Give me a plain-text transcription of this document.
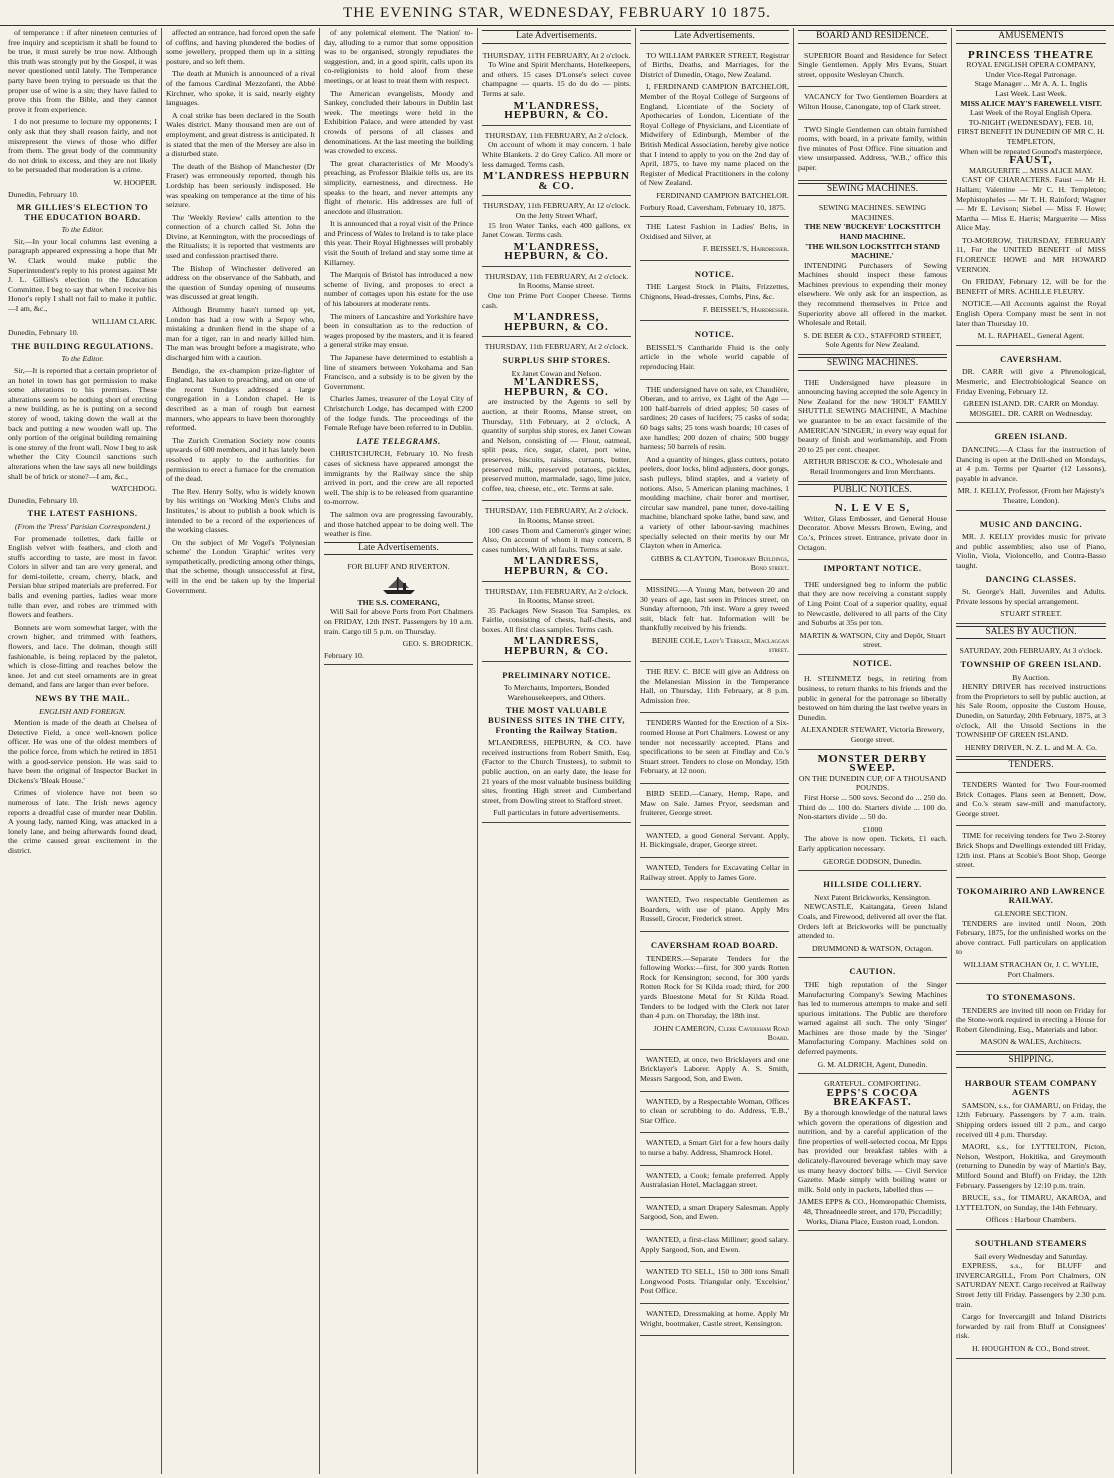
THE EVENING STAR, WEDNESDAY, FEBRUARY 10 1875.

of temperance : if after nineteen centuries of free inquiry and scepticism it shall be found to be true, it must surely be true now. Although this truth was strongly put by the Gospel, it was never questioned until lately. The Temperance party have been trying to persuade us that the proper use of wine is a sin; they have failed to prove this from the Bible, and they cannot prove it from experience.

I do not presume to lecture my opponents; I only ask that they shall reason fairly, and not misrepresent the views of those who differ from them. The great body of the community do not drink to excess, and they are not likely to be persuaded that moderation is a crime.

W. HOOPER.
Dunedin, February 10.
MR GILLIES'S ELECTION TO THE EDUCATION BOARD.
To the Editor.

Sir,—In your local columns last evening a paragraph appeared expressing a hope that Mr W. Clark would make public the Superintendent's reply to his protest against Mr J. L. Gillies's election to the Education Committee. I beg to say that when I receive his Honor's reply I shall not fail to make it public.—I am, &c.,

WILLIAM CLARK.
Dunedin, February 10.
THE BUILDING REGULATIONS.
To the Editor.

Sir,—It is reported that a certain proprietor of an hotel in town has got permission to make some alterations to his premises. These alterations seem to be nothing short of erecting a new building, as he is putting on a second storey of wood, taking down the wall at the back and putting a new wooden wall up. The only portion of the original building remaining is one storey of the front wall. Now I beg to ask whether the City Council sanctions such alterations when the law says all new buildings shall be of brick or stone?—I am, &c.,

WATCHDOG.
Dunedin, February 10.
THE LATEST FASHIONS.
(From the 'Press' Parisian Correspondent.)

For promenade toilettes, dark faille or English velvet with feathers, and cloth and stuffs according to taste, are most in favor. Colors in silver and tan are very general, and for demi-toilette, cream, cherry, black, and Persian blue striped materials are preferred. For balls and evening parties, ladies wear more tulle than ever, and robes are trimmed with flowers and feathers.

Bonnets are worn somewhat larger, with the crown higher, and trimmed with feathers, flowers, and lace. The dolman, though still fashionable, is being replaced by the paletot, which is close-fitting and reaches below the knee. Jet and cut steel ornaments are in great demand, and fans are larger than ever before.

NEWS BY THE MAIL.
ENGLISH AND FOREIGN.

Mention is made of the death at Chelsea of Detective Field, a once well-known police officer. He was one of the oldest members of the police force, from which he retired in 1851 with a good-service pension. He was said to have been the original of Inspector Bucket in Dickens's 'Bleak House.'

Crimes of violence have not been so numerous of late. The Irish news agency reports a dreadful case of murder near Dublin. A young lady, named King, was attacked in a lonely lane, and being afterwards found dead, the crime caused great excitement in the district.

affected an entrance, had forced open the safe of coffins, and having plundered the bodies of some jewellery, propped them up in a sitting posture, and so left them.

The death at Munich is announced of a rival of the famous Cardinal Mezzofanti, the Abbé Kirchner, who spoke, it is said, nearly eighty languages.

A coal strike has been declared in the South Wales district. Many thousand men are out of employment, and great distress is anticipated. It is stated that the men of the Mersey are also in a disturbed state.

The death of the Bishop of Manchester (Dr Fraser) was erroneously reported, though his Lordship has been seriously indisposed. He was speaking on temperance at the time of his seizure.

The 'Weekly Review' calls attention to the connection of a church called St. John the Divine, at Kennington, with the proceedings of the Ritualists; it is reported that vestments are used and confession practised there.

The Bishop of Winchester delivered an address on the observance of the Sabbath, and the question of Sunday opening of museums was discussed at great length.

Although Brummy hasn't turned up yet, London has had a row with a Sepoy who, mistaking a drunken fiend in the shape of a man for a tiger, ran in and nearly killed him. The man was brought before a magistrate, who discharged him with a caution.

Bendigo, the ex-champion prize-fighter of England, has taken to preaching, and on one of the recent Sundays addressed a large congregation in a London chapel. He is described as a man of rough but earnest manners, who appears to have been thoroughly reformed.

The Zurich Cremation Society now counts upwards of 600 members, and it has lately been resolved to apply to the authorities for permission to erect a furnace for the cremation of the dead.

The Rev. Henry Solly, who is widely known by his writings on 'Working Men's Clubs and Institutes,' is about to publish a book which is intended to be a record of the experiences of the working classes.

On the subject of Mr Vogel's 'Polynesian scheme' the London 'Graphic' writes very sympathetically, predicting among other things, that the scheme, though unsuccessful at first, will in the end be taken up by the Imperial Government.

of any polemical element. The 'Nation' to-day, alluding to a rumor that some opposition was to be organised, strongly repudiates the suggestion, and, in a good spirit, calls upon its co-religionists to hold aloof from these meetings, or at least to treat them with respect.

The American evangelists, Moody and Sankey, concluded their labours in Dublin last week. The meetings were held in the Exhibition Palace, and were attended by vast crowds of persons of all classes and denominations. At the last meeting the building was crowded to excess.

The great characteristics of Mr Moody's preaching, as Professor Blaikie tells us, are its simplicity, earnestness, and directness. He speaks to the heart, and never attempts any flight of rhetoric. His addresses are full of anecdote and illustration.

It is announced that a royal visit of the Prince and Princess of Wales to Ireland is to take place this year. Their Royal Highnesses will probably visit the South of Ireland and stay some time at Killarney.

The Marquis of Bristol has introduced a new scheme of living, and proposes to erect a number of cottages upon his estate for the use of his labourers at moderate rents.

The miners of Lancashire and Yorkshire have been in consultation as to the reduction of wages proposed by the masters, and it is feared a general strike may ensue.

The Japanese have determined to establish a line of steamers between Yokohama and San Francisco, and a subsidy is to be given by the Government.

Charles James, treasurer of the Loyal City of Christchurch Lodge, has decamped with £200 of the lodge funds. The proceedings of the Female Refuge have been referred to in Dublin.

LATE TELEGRAMS.

CHRISTCHURCH, February 10. No fresh cases of sickness have appeared amongst the immigrants by the Railway since the ship arrived in port, and the crew are all reported well. The ship is to be released from quarantine to-morrow.

The salmon ova are progressing favourably, and those hatched appear to be doing well. The weather is fine.

Late Advertisements.
FOR BLUFF AND RIVERTON.
THE S.S. COMERANG,

Will Sail for above Ports from Port Chalmers on FRIDAY, 12th INST. Passengers by 10 a.m. train. Cargo till 5 p.m. on Thursday.

GEO. S. BRODRICK.
February 10.
Late Advertisements.
THURSDAY, 11TH FEBRUARY, At 2 o'clock.

To Wine and Spirit Merchants, Hotelkeepers, and others. 15 cases D'Lonse's select cuvee champagne — quarts. 15 do do do — pints. Terms at sale.

M'LANDRESS, HEPBURN, & CO.
THURSDAY, 11th FEBRUARY, At 2 o'clock.

On account of whom it may concern. 1 bale White Blankets. 2 do Grey Calico. All more or less damaged. Terms cash.

M'LANDRESS HEPBURN & CO.
THURSDAY, 11th FEBRUARY, At 12 o'clock. On the Jetty Street Wharf,

15 Iron Water Tanks, each 400 gallons, ex Janet Cowan. Terms cash.

M'LANDRESS, HEPBURN, & CO.
THURSDAY, 11th FEBRUARY, At 2 o'clock. In Rooms, Manse street.

One ton Prime Port Cooper Cheese. Terms cash.

M'LANDRESS, HEPBURN, & CO.
THURSDAY, 11th FEBRUARY, At 2 o'clock.
SURPLUS SHIP STORES.
Ex Janet Cowan and Nelson.
M'LANDRESS, HEPBURN, & CO.

are instructed by the Agents to sell by auction, at their Rooms, Manse street, on Thursday, 11th February, at 2 o'clock, A quantity of surplus ship stores, ex Janet Cowan and Nelson, consisting of — Flour, oatmeal, split peas, rice, sugar, claret, port wine, preserves, biscuits, raisins, currants, butter, preserved milk, preserved potatoes, pickles, preserved mutton, marmalade, sago, lime juice, coffee, tea, cheese, etc., etc. Terms at sale.

THURSDAY, 11th FEBRUARY, At 2 o'clock. In Rooms, Manse street.

100 cases Thom and Cameron's ginger wine; Also, On account of whom it may concern, 8 cases tumblers, With all faults. Terms at sale.

M'LANDRESS, HEPBURN, & CO.
THURSDAY, 11th FEBRUARY, At 2 o'clock. In Rooms, Manse street.

35 Packages New Season Tea Samples, ex Fairlie, consisting of chests, half-chests, and boxes. All first class samples. Terms cash.

M'LANDRESS, HEPBURN, & CO.
PRELIMINARY NOTICE.
To Merchants, Importers, Bonded Warehousekeepers, and Others.
THE MOST VALUABLE BUSINESS SITES IN THE CITY, Fronting the Railway Station.

M'LANDRESS, HEPBURN, & CO. have received instructions from Robert Smith, Esq. (Factor to the Church Trustees), to submit to public auction, on an early date, the lease for 21 years of the most valuable business building sites, fronting High street and Cumberland street, from Dowling street to Stafford street.

Full particulars in future advertisements.
Late Advertisements.

TO WILLIAM PARKER STREET, Registrar of Births, Deaths, and Marriages, for the District of Dunedin, Otago, New Zealand.

I, FERDINAND CAMPION BATCHELOR, Member of the Royal College of Surgeons of England, Licentiate of the Society of Apothecaries of London, Licentiate of the Royal College of Physicians, and Licentiate of Midwifery of Edinburgh, Member of the British Medical Association, hereby give notice that I intend to apply to you on the 2nd day of April, 1875, to have my name placed on the Register of Medical Practitioners in the colony of New Zealand.

FERDINAND CAMPION BATCHELOR.
Forbury Road, Caversham, February 10, 1875.

THE Latest Fashion in Ladies' Belts, in Oxidised and Silver, at

F. BEISSEL'S, Hairdresser.
NOTICE.

THE Largest Stock in Plaits, Frizzettes, Chignons, Head-dresses, Combs, Pins, &c.

F. BEISSEL'S, Hairdresser.
NOTICE.

BEISSEL'S Cantharide Fluid is the only article in the whole world capable of reproducing Hair.

THE undersigned have on sale, ex Chaudière, Oberan, and to arrive, ex Light of the Age — 100 half-barrels of dried apples; 50 cases of sardines; 20 cases of lucifers; 75 casks of soda; 60 bags salts; 25 tons wash boards; 10 cases of axe handles; 200 dozen of chairs; 500 buggy harness; 50 barrels of resin.

And a quantity of hinges, glass cutters, potato peelers, door locks, blind adjusters, door gongs, sash pulleys, blind staples, and a variety of notions. Also, 5 American planing machines, 1 moulding machine, chair borer and mortiser, circular saw mandrel, pane tuner, dove-tailing machine, blanchard spoke lathe, band saw, and a variety of other labour-saving machines specially selected on their merits by our Mr Clayton when in America.

GIBBS & CLAYTON, Temporary Buildings, Bond street.

MISSING.—A Young Man, between 20 and 30 years of age, last seen in Princes street, on Sunday afternoon, 7th inst. Wore a grey tweed suit, black felt hat. Information will be thankfully received by his friends.

BENJIE COLE, Lady's Terrace, Maclaggan street.

THE REV. C. BICE will give an Address on the Melanesian Mission in the Temperance Hall, on Thursday, 11th February, at 8 p.m. Admission free.

TENDERS Wanted for the Erection of a Six-roomed House at Port Chalmers. Lowest or any tender not necessarily accepted. Plans and specifications to be seen at Findlay and Co.'s Stuart street. Tenders to close on Monday, 15th February, at 12 noon.

BIRD SEED.—Canary, Hemp, Rape, and Maw on Sale. James Pryor, seedsman and fruiterer, George street.

WANTED, a good General Servant. Apply, H. Bickingsale, draper, George street.

WANTED, Tenders for Excavating Cellar in Railway street. Apply to James Gore.

WANTED, Two respectable Gentlemen as Boarders, with use of piano. Apply Mrs Russell, Grocer, Frederick street.

CAVERSHAM ROAD BOARD.

TENDERS.—Separate Tenders for the following Works:—first, for 300 yards Rotten Rock for Kensington; second, for 300 yards Rotten Rock for St Kilda road; third, for 200 yards Bluestone Metal for St Kilda Road. Tenders to be lodged with the Clerk not later than 4 p.m. on Thursday, the 18th inst.

JOHN CAMERON, Clerk Caversham Road Board.

WANTED, at once, two Bricklayers and one Bricklayer's Laborer. Apply A. S. Smith, Messrs Sargood, Son, and Ewen.

WANTED, by a Respectable Woman, Offices to clean or scrubbing to do. Address, 'E.B.,' Star Office.

WANTED, a Smart Girl for a few hours daily to nurse a baby. Address, Shamrock Hotel.

WANTED, a Cook; female preferred. Apply Australasian Hotel, Maclaggan street.

WANTED, a smart Drapery Salesman. Apply Sargood, Son, and Ewen.

WANTED, a first-class Milliner; good salary. Apply Sargood, Son, and Ewen.

WANTED TO SELL, 150 to 300 tons Small Longwood Posts. Triangular only. 'Excelsior,' Post Office.

WANTED, Dressmaking at home. Apply Mr Wright, bootmaker, Castle street, Kensington.

BOARD AND RESIDENCE.

SUPERIOR Board and Residence for Select Single Gentlemen. Apply Mrs Evans, Stuart street, opposite Wesleyan Church.

VACANCY for Two Gentlemen Boarders at Wilton House, Canongate, top of Clark street.

TWO Single Gentlemen can obtain furnished rooms, with board, in a private family, within five minutes of Post Office. Fine situation and view unsurpassed. Address, 'W.B.,' office this paper.

SEWING MACHINES.
SEWING MACHINES. SEWING MACHINES.
THE NEW 'BUCKEYE' LOCKSTITCH HAND MACHINE.
'THE WILSON LOCKSTITCH STAND MACHINE.'

INTENDING Purchasers of Sewing Machines should inspect these famous Machines previous to expending their money elsewhere. We only ask for an inspection, as they recommend themselves in Price and Superiority above all offered in the market. Wholesale and Retail.

S. DE BEER & CO., STAFFORD STREET, Sole Agents for New Zealand.
SEWING MACHINES.

THE Undersigned have pleasure in announcing having accepted the sole Agency in New Zealand for the new 'HOLT' FAMILY SHUTTLE SEWING MACHINE, A Machine we guarantee to be an exact facsimile of the AMERICAN 'SINGER,' in every way equal for beauty of finish and workmanship, and From 20 to 25 per cent. cheaper.

ARTHUR BRISCOE & CO., Wholesale and Retail Ironmongers and Iron Merchants.
PUBLIC NOTICES.
N. L E V E S,

Writer, Glass Embosser, and General House Decorator. Above Messrs Brown, Ewing, and Co.'s, Princes street. Entrance, private door in Octagon.

IMPORTANT NOTICE.

THE undersigned beg to inform the public that they are now receiving a constant supply of Ling Point Coal of a superior quality, equal to Newcastle, delivered to all parts of the City and Suburbs at 35s per ton.

MARTIN & WATSON, City and Depôt, Stuart street.
NOTICE.

H. STEINMETZ begs, in retiring from business, to return thanks to his friends and the public in general for the patronage so liberally bestowed on him during the last twelve years in Dunedin.

ALEXANDER STEWART, Victoria Brewery, George street.
MONSTER DERBY SWEEP.
ON THE DUNEDIN CUP, OF A THOUSAND POUNDS.

First Horse ... 500 sovs. Second do ... 250 do. Third do ... 100 do. Starters divide ... 100 do. Non-starters divide ... 50 do.

£1000

The above is now open. Tickets, £1 each. Early application necessary.

GEORGE DODSON, Dunedin.
HILLSIDE COLLIERY.
Next Patent Brickworks, Kensington.

NEWCASTLE, Kaitangata, Green Island Coals, and Firewood, delivered all over the flat. Orders left at Brickworks will be punctually attended to.

DRUMMOND & WATSON, Octagon.
CAUTION.

THE high reputation of the Singer Manufacturing Company's Sewing Machines has led to numerous attempts to make and sell spurious imitations. The Public are therefore warned against all such. The only 'Singer' Machines are those made by the 'Singer' Manufacturing Company. Machines sold on deferred payments.

G. M. ALDRICH, Agent, Dunedin.
GRATEFUL. COMFORTING.
EPPS'S COCOA BREAKFAST.

By a thorough knowledge of the natural laws which govern the operations of digestion and nutrition, and by a careful application of the fine properties of well-selected cocoa, Mr Epps has provided our breakfast tables with a delicately-flavoured beverage which may save us many heavy doctors' bills. — Civil Service Gazette. Made simply with boiling water or milk. Sold only in packets, labelled thus —

JAMES EPPS & CO., Homœopathic Chemists, 48, Threadneedle street, and 170, Piccadilly; Works, Diana Place, Euston road, London.
AMUSEMENTS
PRINCESS THEATRE
ROYAL ENGLISH OPERA COMPANY,
Under Vice-Regal Patronage.
Stage Manager ... Mr A. A. L. Inglis
Last Week. Last Week.
MISS ALICE MAY'S FAREWELL VISIT.
Last Week of the Royal English Opera.
TO-NIGHT (WEDNESDAY), FEB. 10,
FIRST BENEFIT IN DUNEDIN OF MR C. H. TEMPLETON,
When will be repeated Gounod's masterpiece,
FAUST,
MARGUERITE ... MISS ALICE MAY.

CAST OF CHARACTERS. Faust — Mr H. Hallam; Valentine — Mr C. H. Templeton; Mephistopheles — Mr T. H. Rainford; Wagner — Mr E. Levison; Siebel — Miss F. Howe; Martha — Miss E. Harris; Marguerite — Miss Alice May.

TO-MORROW, THURSDAY, FEBRUARY 11, For the UNITED BENEFIT of MISS FLORENCE HOWE and MR HOWARD VERNON.

On FRIDAY, February 12, will be for the BENEFIT of MRS. ACHILLE FLEURY.

NOTICE.—All Accounts against the Royal English Opera Company must be sent in not later than Thursday 10.

M. L. RAPHAEL, General Agent.
CAVERSHAM.

DR. CARR will give a Phrenological, Mesmeric, and Electrobiological Seance on Friday Evening, February 12.

GREEN ISLAND. DR. CARR on Monday.
MOSGIEL. DR. CARR on Wednesday.
GREEN ISLAND.

DANCING.—A Class for the instruction of Dancing is open at the Drill-shed on Mondays, at 4 p.m. Terms per Quarter (12 Lessons), payable in advance.

MR. J. KELLY, Professor, (From her Majesty's Theatre, London).
MUSIC AND DANCING.

MR. J. KELLY provides music for private and public assemblies; also use of Piano, Violin, Viola, Violoncello, and Contra-Basso taught.

DANCING CLASSES.

St. George's Hall, Juveniles and Adults. Private lessons by special arrangement.

STUART STREET.
SALES BY AUCTION.
SATURDAY, 20th FEBRUARY, At 3 o'clock.
TOWNSHIP OF GREEN ISLAND.
By Auction.

HENRY DRIVER has received instructions from the Proprietors to sell by public auction, at his Sale Room, opposite the Custom House, Dunedin, on Saturday, 20th February, 1875, at 3 o'clock, All the Unsold Sections in the TOWNSHIP OF GREEN ISLAND.

HENRY DRIVER, N. Z. L. and M. A. Co.
TENDERS.

TENDERS Wanted for Two Four-roomed Brick Cottages. Plans seen at Bennett, Dow, and Co.'s steam saw-mill and manufactory, George street.

TIME for receiving tenders for Two 2-Storey Brick Shops and Dwellings extended till Friday, 12th inst. Plans at Scobie's Boot Shop, George street.

TOKOMAIRIRO AND LAWRENCE RAILWAY.
GLENORE SECTION.

TENDERS are invited until Noon, 20th February, 1875, for the unfinished works on the above contract. Full particulars on application to

WILLIAM STRACHAN Or, J. C. WYLIE, Port Chalmers.
TO STONEMASONS.

TENDERS are invited till noon on Friday for the Stone-work required in erecting a House for Robert Glendining, Esq., Materials and labor.

MASON & WALES, Architects.
SHIPPING.
HARBOUR STEAM COMPANY AGENTS

SAMSON, s.s., for OAMARU, on Friday, the 12th February. Passengers by 7 a.m. train. Shipping orders issued till 2 p.m., and cargo received till 4 p.m. Thursday.

MAORI, s.s., for LYTTELTON, Picton, Nelson, Westport, Hokitika, and Greymouth (returning to Dunedin by way of Martin's Bay, Milford Sound and Bluff) on Friday, the 12th February. Passengers by 12:10 p.m. train.

BRUCE, s.s., for TIMARU, AKAROA, and LYTTELTON, on Sunday, the 14th February.

Offices : Harbour Chambers.
SOUTHLAND STEAMERS
Sail every Wednesday and Saturday.

EXPRESS, s.s., for BLUFF and INVERCARGILL, From Port Chalmers, ON SATURDAY NEXT. Cargo received at Railway Street Jetty till Friday. Passengers by 2.30 p.m. train.

Cargo for Invercargill and Inland Districts forwarded by rail from Bluff at Consignees' risk.

H. HOUGHTON & CO., Bond street.
